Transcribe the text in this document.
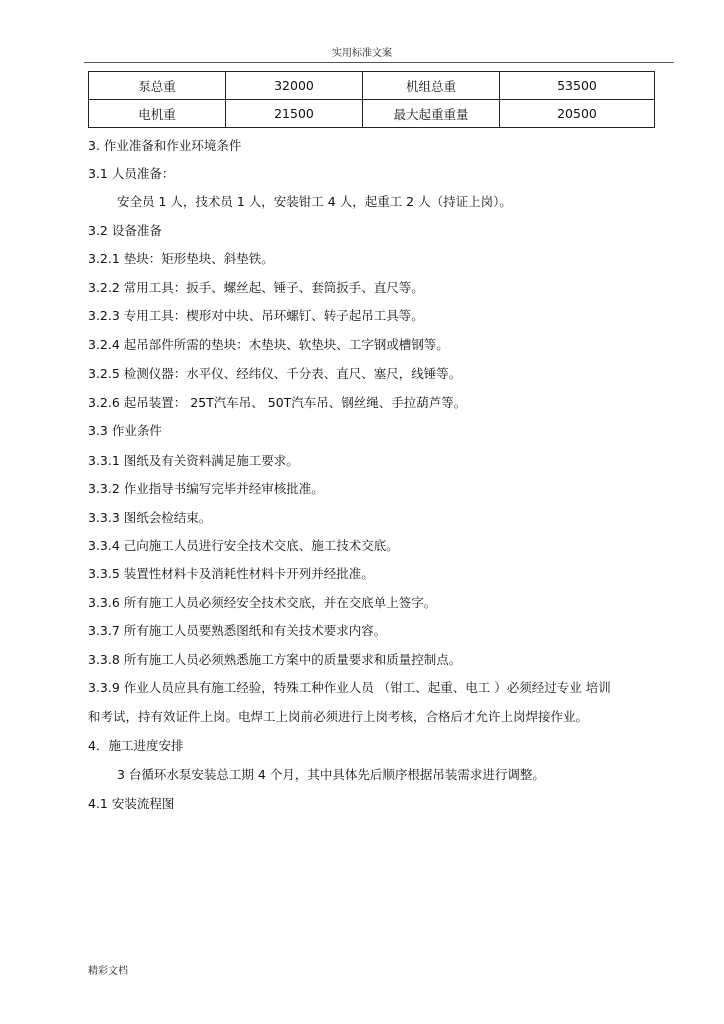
实用标准文案
泵总重	32000	机组总重	53500
电机重	21500	最大起重重量	20500
3. 作业准备和作业环境条件
3.1 人员准备：
安全员 1 人，技术员 1 人，安装钳工 4 人，起重工 2 人（持证上岗）。
3.2 设备准备
3.2.1 垫块：矩形垫块、斜垫铁。
3.2.2 常用工具：扳手、螺丝起、锤子、套筒扳手、直尺等。
3.2.3 专用工具：楔形对中块、吊环螺钉、转子起吊工具等。
3.2.4 起吊部件所需的垫块：木垫块、软垫块、工字钢或槽钢等。
3.2.5 检测仪器：水平仪、经纬仪、千分表、直尺、塞尺，线锤等。
3.2.6 起吊装置： 25T汽车吊、 50T汽车吊、钢丝绳、手拉葫芦等。
3.3 作业条件
3.3.1 图纸及有关资料满足施工要求。
3.3.2 作业指导书编写完毕并经审核批准。
3.3.3 图纸会检结束。
3.3.4 己向施工人员进行安全技术交底、施工技术交底。
3.3.5 装置性材料卡及消耗性材料卡开列并经批准。
3.3.6 所有施工人员必须经安全技术交底，并在交底单上签字。
3.3.7 所有施工人员要熟悉图纸和有关技术要求内容。
3.3.8 所有施工人员必须熟悉施工方案中的质量要求和质量控制点。
3.3.9 作业人员应具有施工经验，特殊工种作业人员 （钳工、起重、电工 ）必须经过专业 培训
和考试，持有效证件上岗。电焊工上岗前必须进行上岗考核，合格后才允许上岗焊接作业。
4．施工进度安排
3 台循环水泵安装总工期 4 个月，其中具体先后顺序根据吊装需求进行调整。
4.1 安装流程图
精彩文档
